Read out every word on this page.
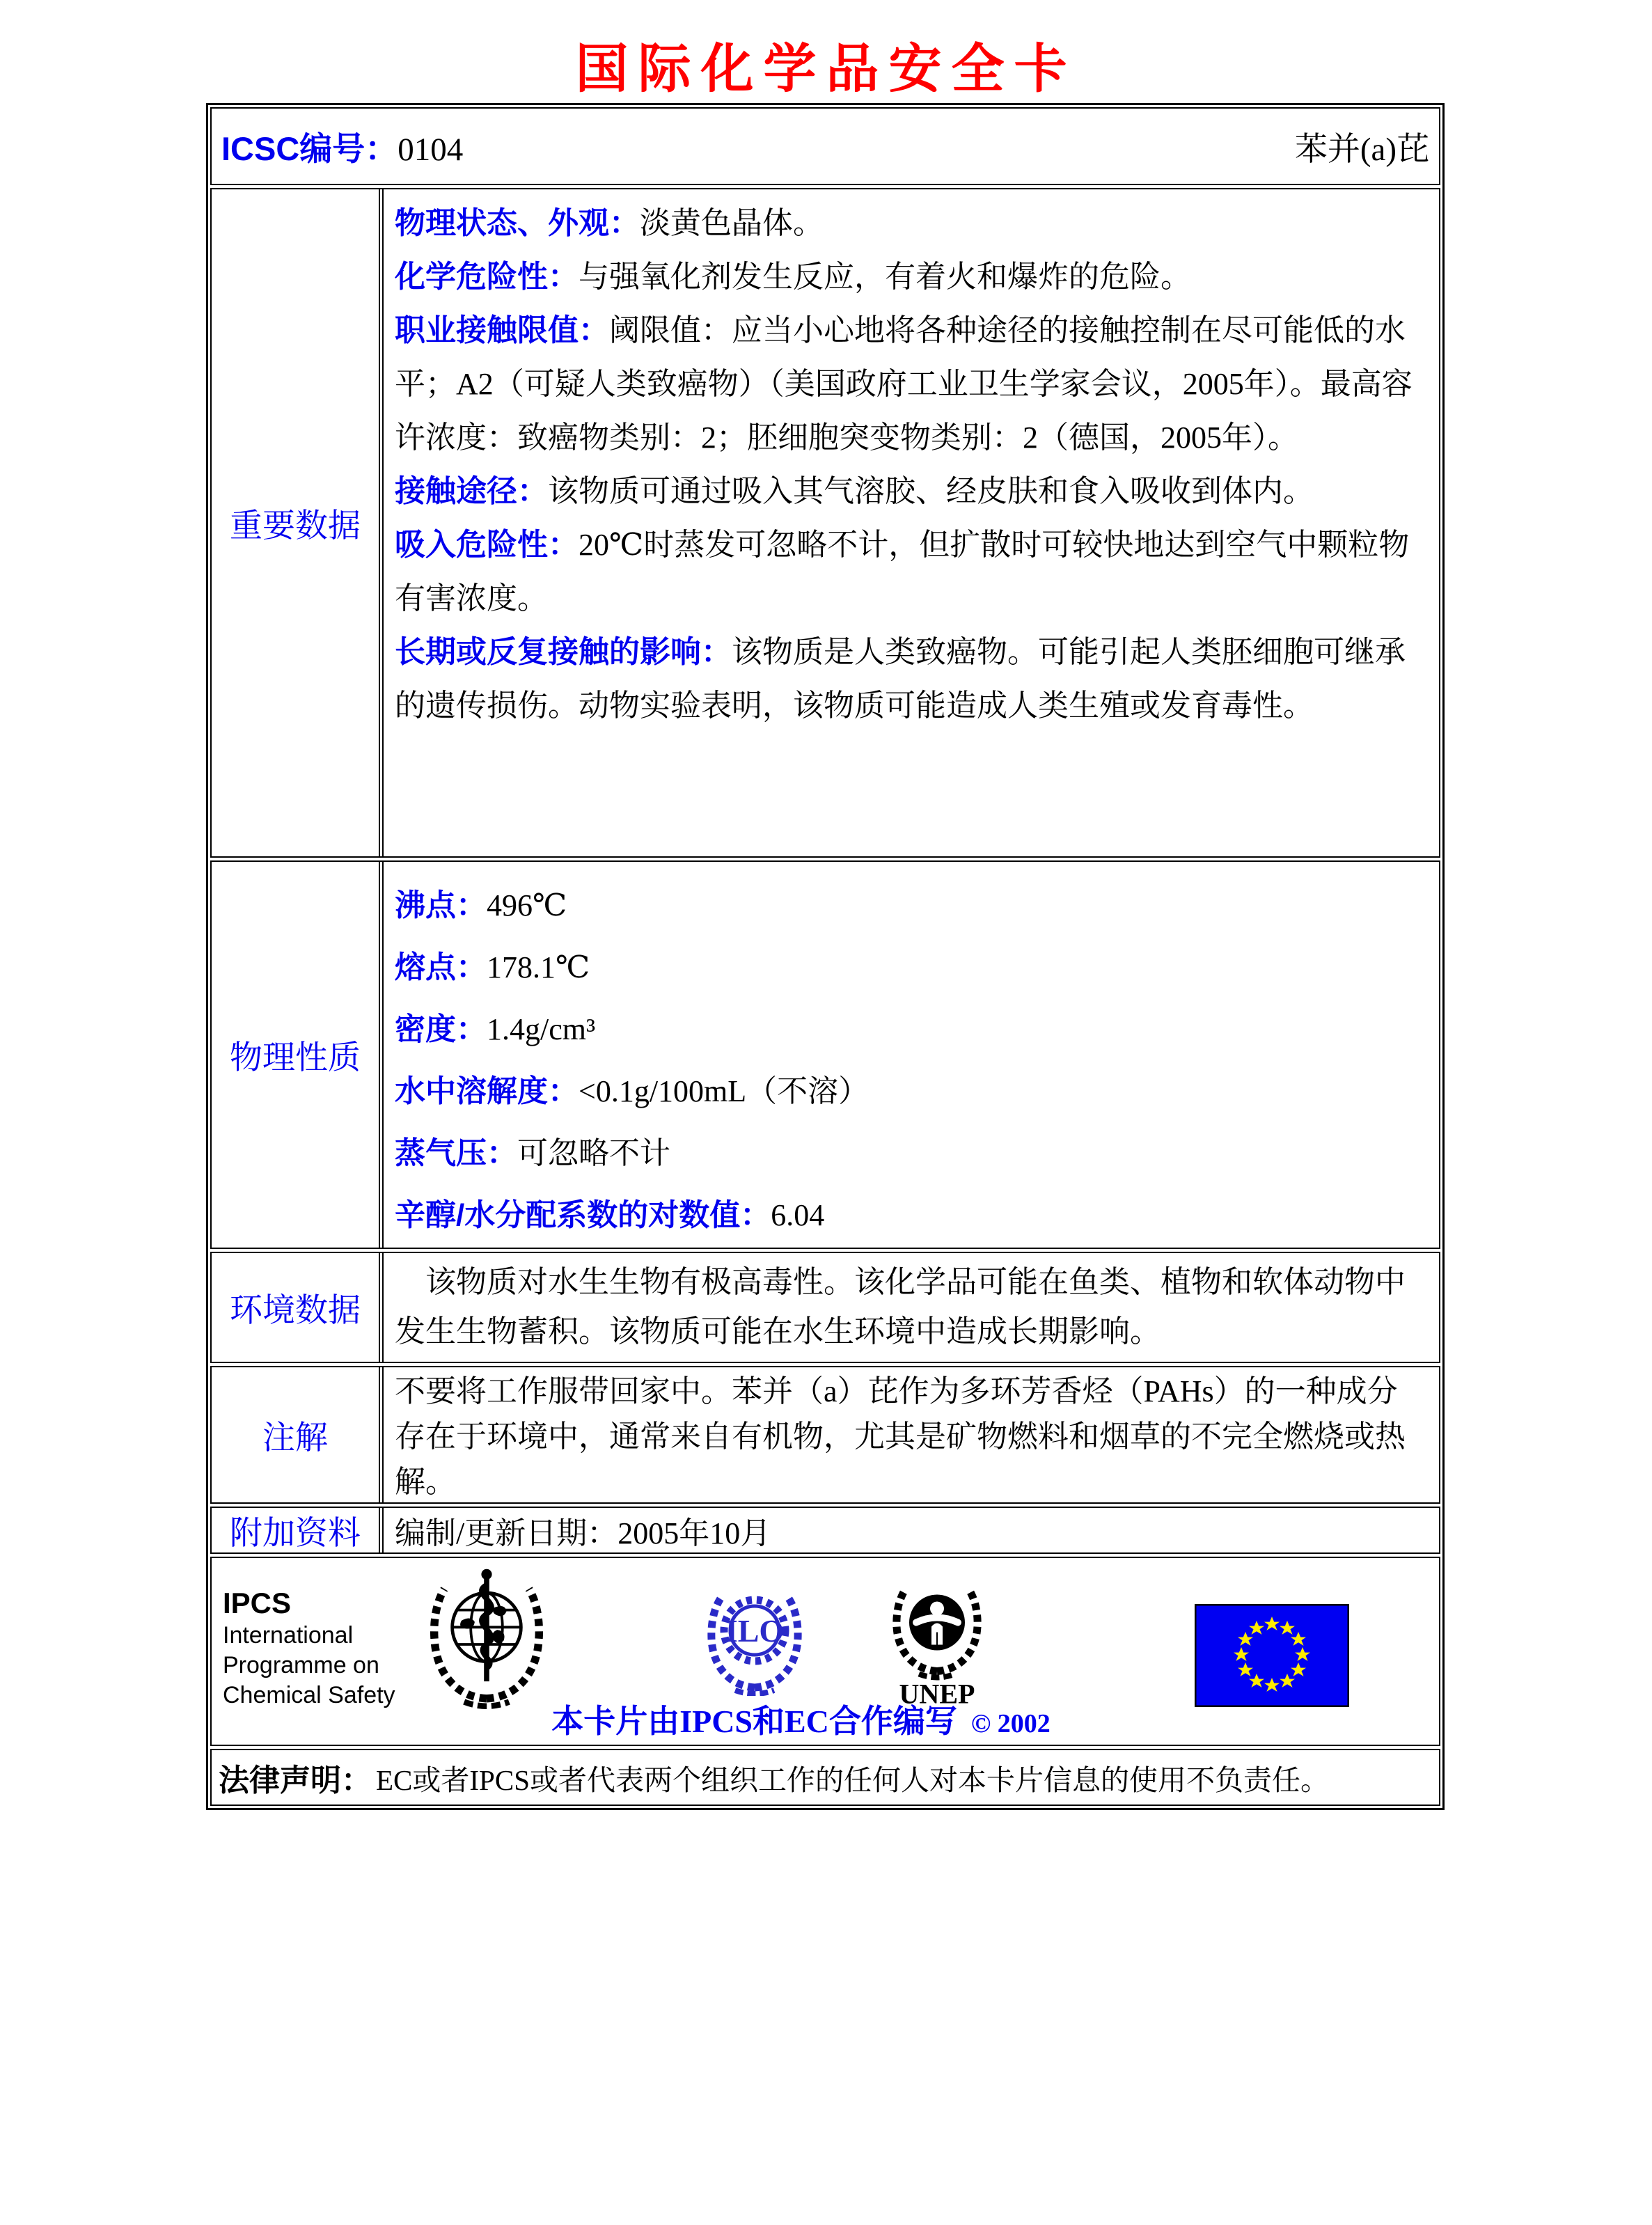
国际化学品安全卡
ICSC编号：0104	苯并(a)芘
重要数据

物理状态、外观：淡黄色晶体。

化学危险性：与强氧化剂发生反应，有着火和爆炸的危险。

职业接触限值：阈限值：应当小心地将各种途径的接触控制在尽可能低的水平；A2（可疑人类致癌物）（美国政府工业卫生学家会议，2005年）。最高容许浓度：致癌物类别：2；胚细胞突变物类别：2（德国，2005年）。

接触途径：该物质可通过吸入其气溶胶、经皮肤和食入吸收到体内。

吸入危险性：20℃时蒸发可忽略不计，但扩散时可较快地达到空气中颗粒物有害浓度。

长期或反复接触的影响：该物质是人类致癌物。可能引起人类胚细胞可继承的遗传损伤。动物实验表明，该物质可能造成人类生殖或发育毒性。

物理性质

沸点：496℃

熔点：178.1℃

密度：1.4g/cm³

水中溶解度：<0.1g/100mL（不溶）

蒸气压：可忽略不计

辛醇/水分配系数的对数值：6.04

环境数据

该物质对水生生物有极高毒性。该化学品可能在鱼类、植物和软体动物中发生生物蓄积。该物质可能在水生环境中造成长期影响。

注解

不要将工作服带回家中。苯并（a）芘作为多环芳香烃（PAHs）的一种成分存在于环境中，通常来自有机物，尤其是矿物燃料和烟草的不完全燃烧或热解。

附加资料	编制/更新日期：2005年10月
IPCS
International
Programme on
Chemical Safety
ILO
UNEP
本卡片由IPCS和EC合作编写 © 2002
法律声明： EC或者IPCS或者代表两个组织工作的任何人对本卡片信息的使用不负责任。
